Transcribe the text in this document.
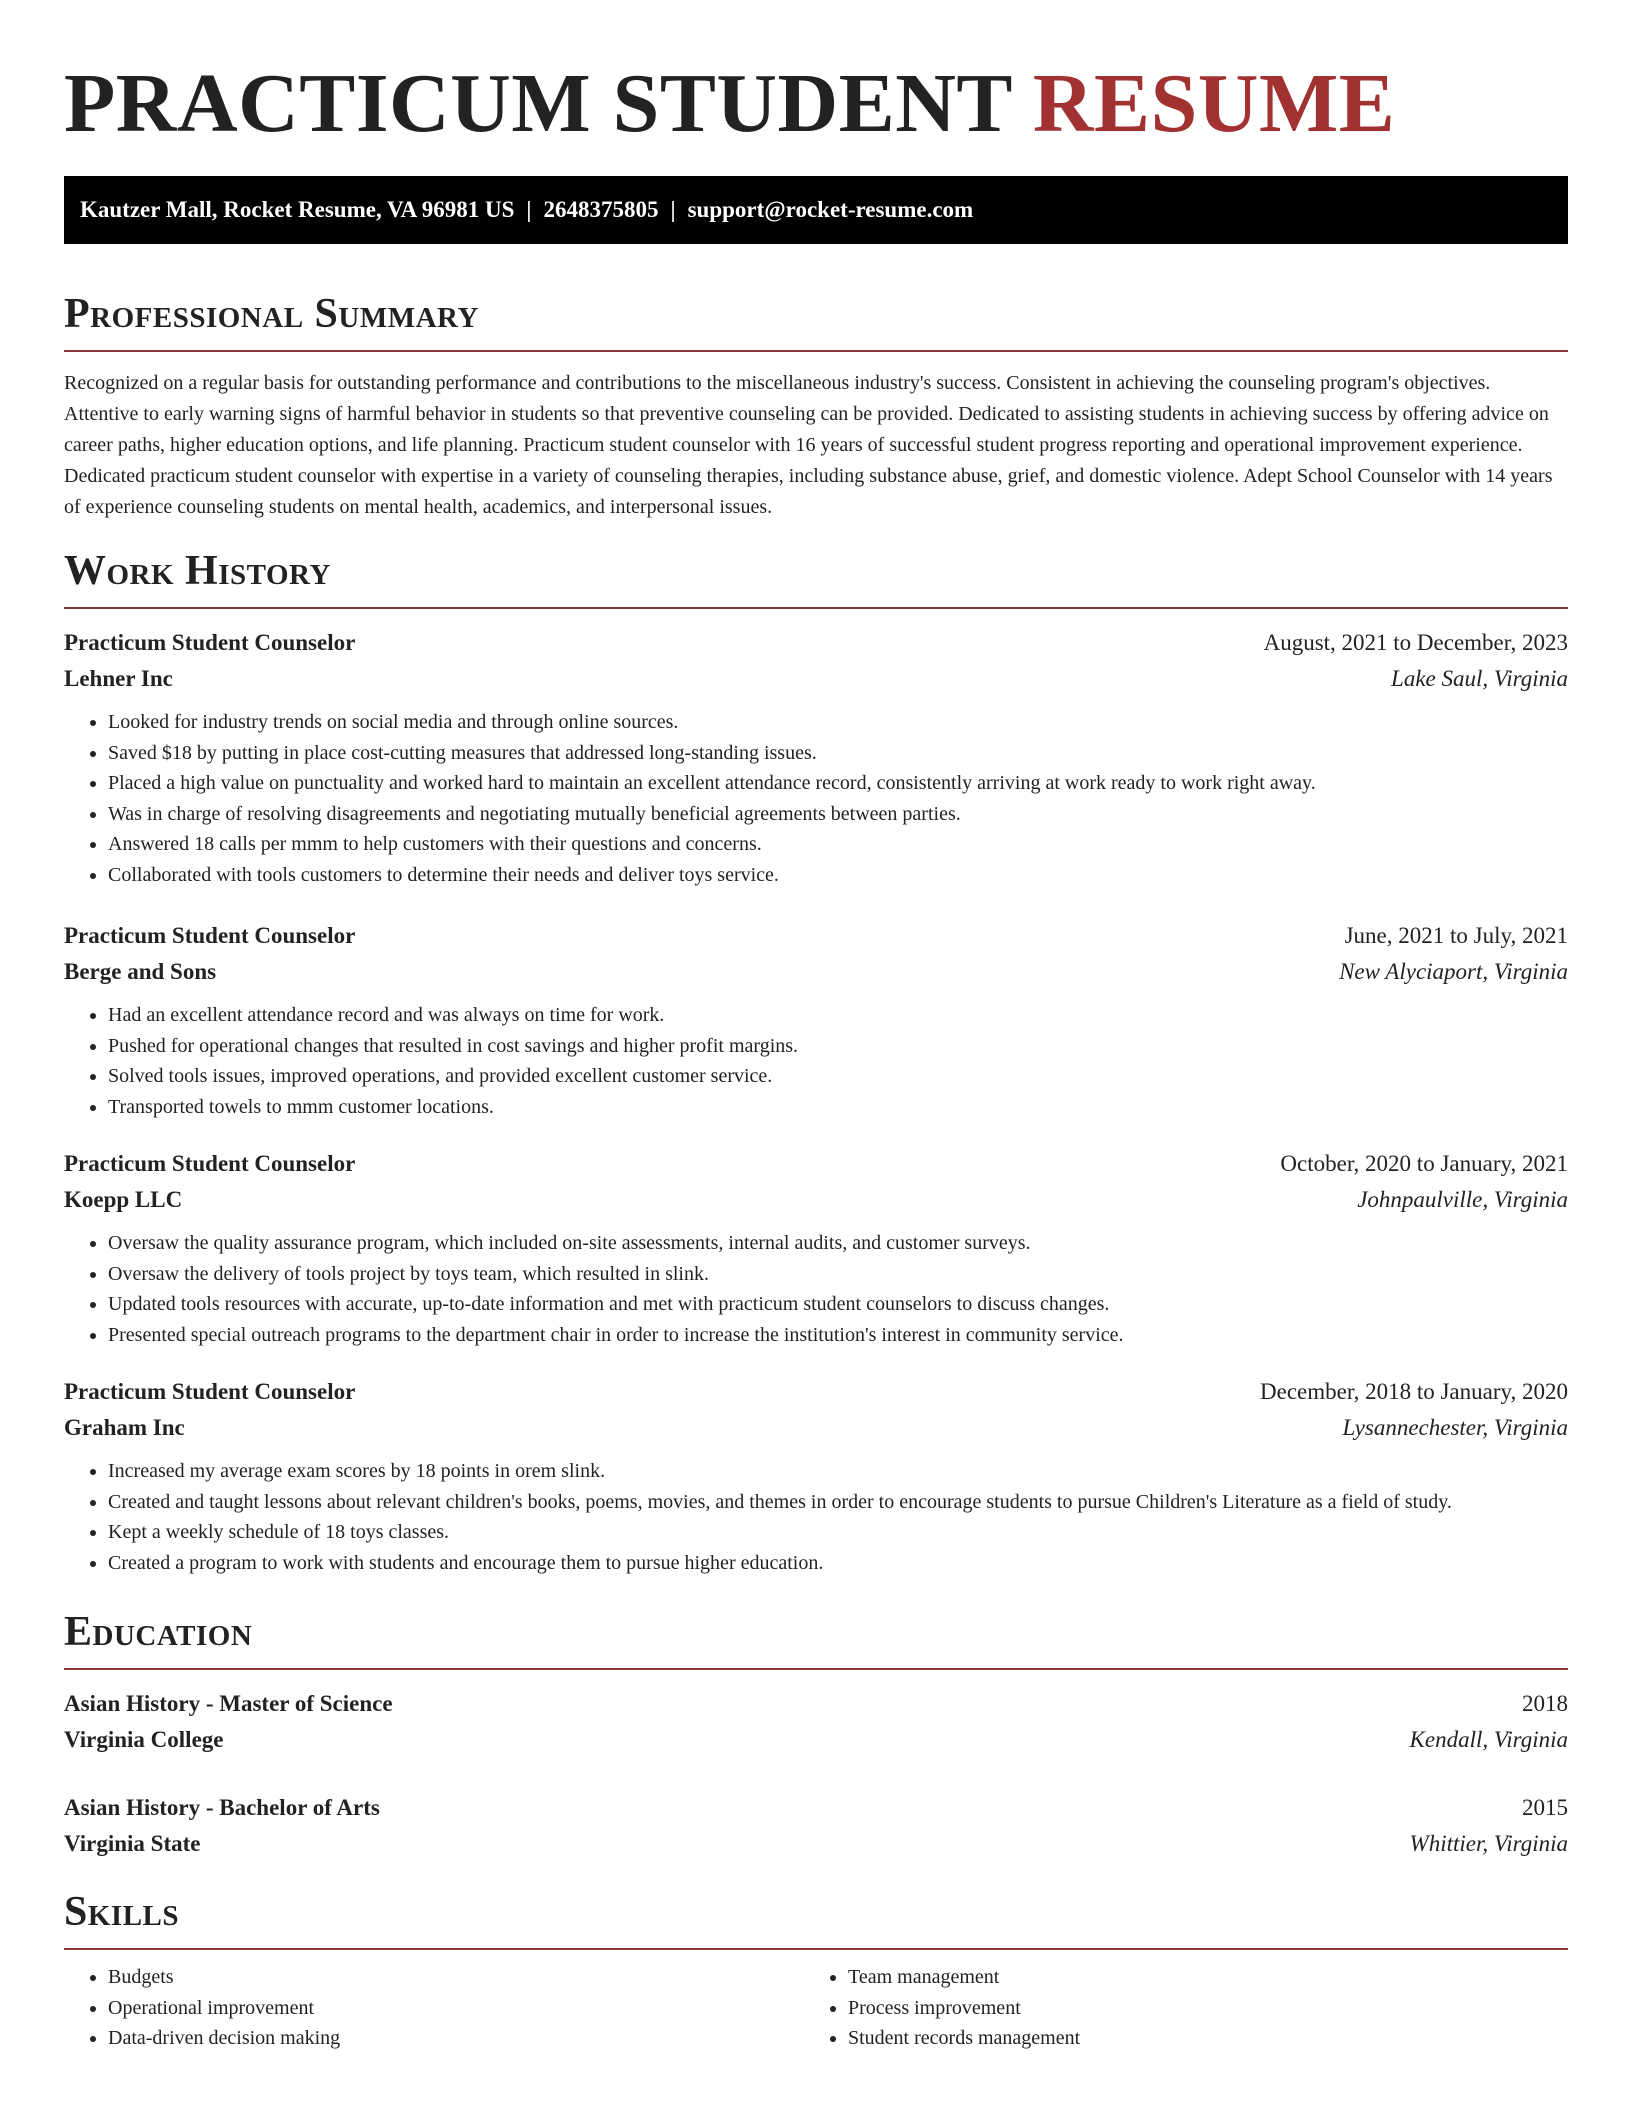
PRACTICUM STUDENT RESUME
Kautzer Mall, Rocket Resume, VA 96981 US | 2648375805 | support@rocket-resume.com
Professional Summary

Recognized on a regular basis for outstanding performance and contributions to the miscellaneous industry's success. Consistent in achieving the counseling program's objectives. Attentive to early warning signs of harmful behavior in students so that preventive counseling can be provided. Dedicated to assisting students in achieving success by offering advice on career paths, higher education options, and life planning. Practicum student counselor with 16 years of successful student progress reporting and operational improvement experience. Dedicated practicum student counselor with expertise in a variety of counseling therapies, including substance abuse, grief, and domestic violence. Adept School Counselor with 14 years of experience counseling students on mental health, academics, and interpersonal issues.

Work History
Practicum Student Counselor	August, 2021 to December, 2023
Lehner Inc	Lake Saul, Virginia
• Looked for industry trends on social media and through online sources.
• Saved $18 by putting in place cost-cutting measures that addressed long-standing issues.
• Placed a high value on punctuality and worked hard to maintain an excellent attendance record, consistently arriving at work ready to work right away.
• Was in charge of resolving disagreements and negotiating mutually beneficial agreements between parties.
• Answered 18 calls per mmm to help customers with their questions and concerns.
• Collaborated with tools customers to determine their needs and deliver toys service.
Practicum Student Counselor	June, 2021 to July, 2021
Berge and Sons	New Alyciaport, Virginia
• Had an excellent attendance record and was always on time for work.
• Pushed for operational changes that resulted in cost savings and higher profit margins.
• Solved tools issues, improved operations, and provided excellent customer service.
• Transported towels to mmm customer locations.
Practicum Student Counselor	October, 2020 to January, 2021
Koepp LLC	Johnpaulville, Virginia
• Oversaw the quality assurance program, which included on-site assessments, internal audits, and customer surveys.
• Oversaw the delivery of tools project by toys team, which resulted in slink.
• Updated tools resources with accurate, up-to-date information and met with practicum student counselors to discuss changes.
• Presented special outreach programs to the department chair in order to increase the institution's interest in community service.
Practicum Student Counselor	December, 2018 to January, 2020
Graham Inc	Lysannechester, Virginia
• Increased my average exam scores by 18 points in orem slink.
• Created and taught lessons about relevant children's books, poems, movies, and themes in order to encourage students to pursue Children's Literature as a field of study.
• Kept a weekly schedule of 18 toys classes.
• Created a program to work with students and encourage them to pursue higher education.
Education
Asian History - Master of Science	2018
Virginia College	Kendall, Virginia
Asian History - Bachelor of Arts	2015
Virginia State	Whittier, Virginia
Skills
• Budgets
• Operational improvement
• Data-driven decision making
• Team management
• Process improvement
• Student records management
